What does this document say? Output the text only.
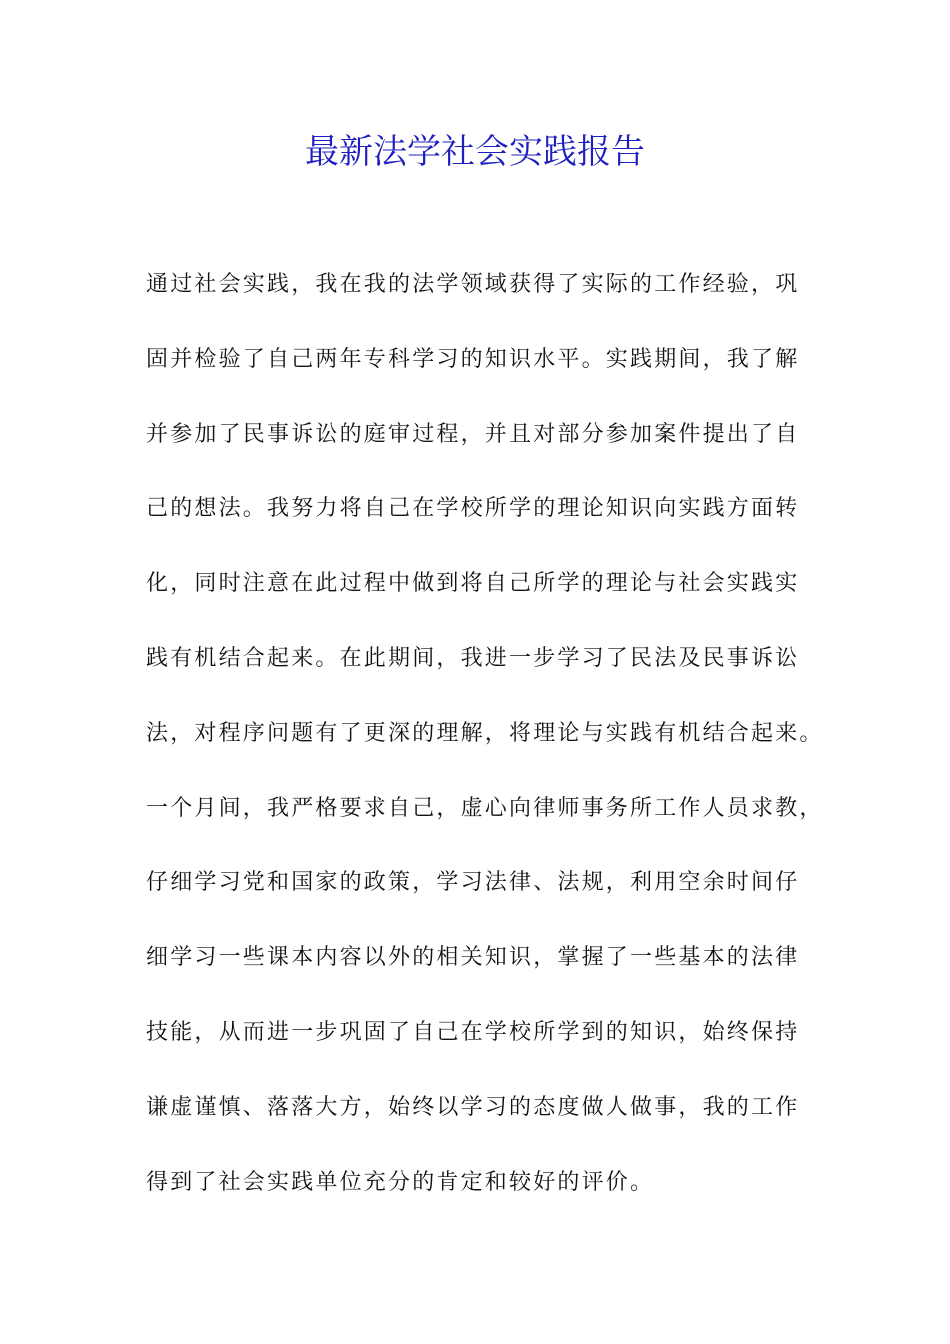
最新法学社会实践报告
通过社会实践，我在我的法学领域获得了实际的工作经验，巩
固并检验了自己两年专科学习的知识水平。实践期间，我了解
并参加了民事诉讼的庭审过程，并且对部分参加案件提出了自
己的想法。我努力将自己在学校所学的理论知识向实践方面转
化，同时注意在此过程中做到将自己所学的理论与社会实践实
践有机结合起来。在此期间，我进一步学习了民法及民事诉讼
法，对程序问题有了更深的理解，将理论与实践有机结合起来。
一个月间，我严格要求自己，虚心向律师事务所工作人员求教，
仔细学习党和国家的政策，学习法律、法规，利用空余时间仔
细学习一些课本内容以外的相关知识，掌握了一些基本的法律
技能，从而进一步巩固了自己在学校所学到的知识，始终保持
谦虚谨慎、落落大方，始终以学习的态度做人做事，我的工作
得到了社会实践单位充分的肯定和较好的评价。
